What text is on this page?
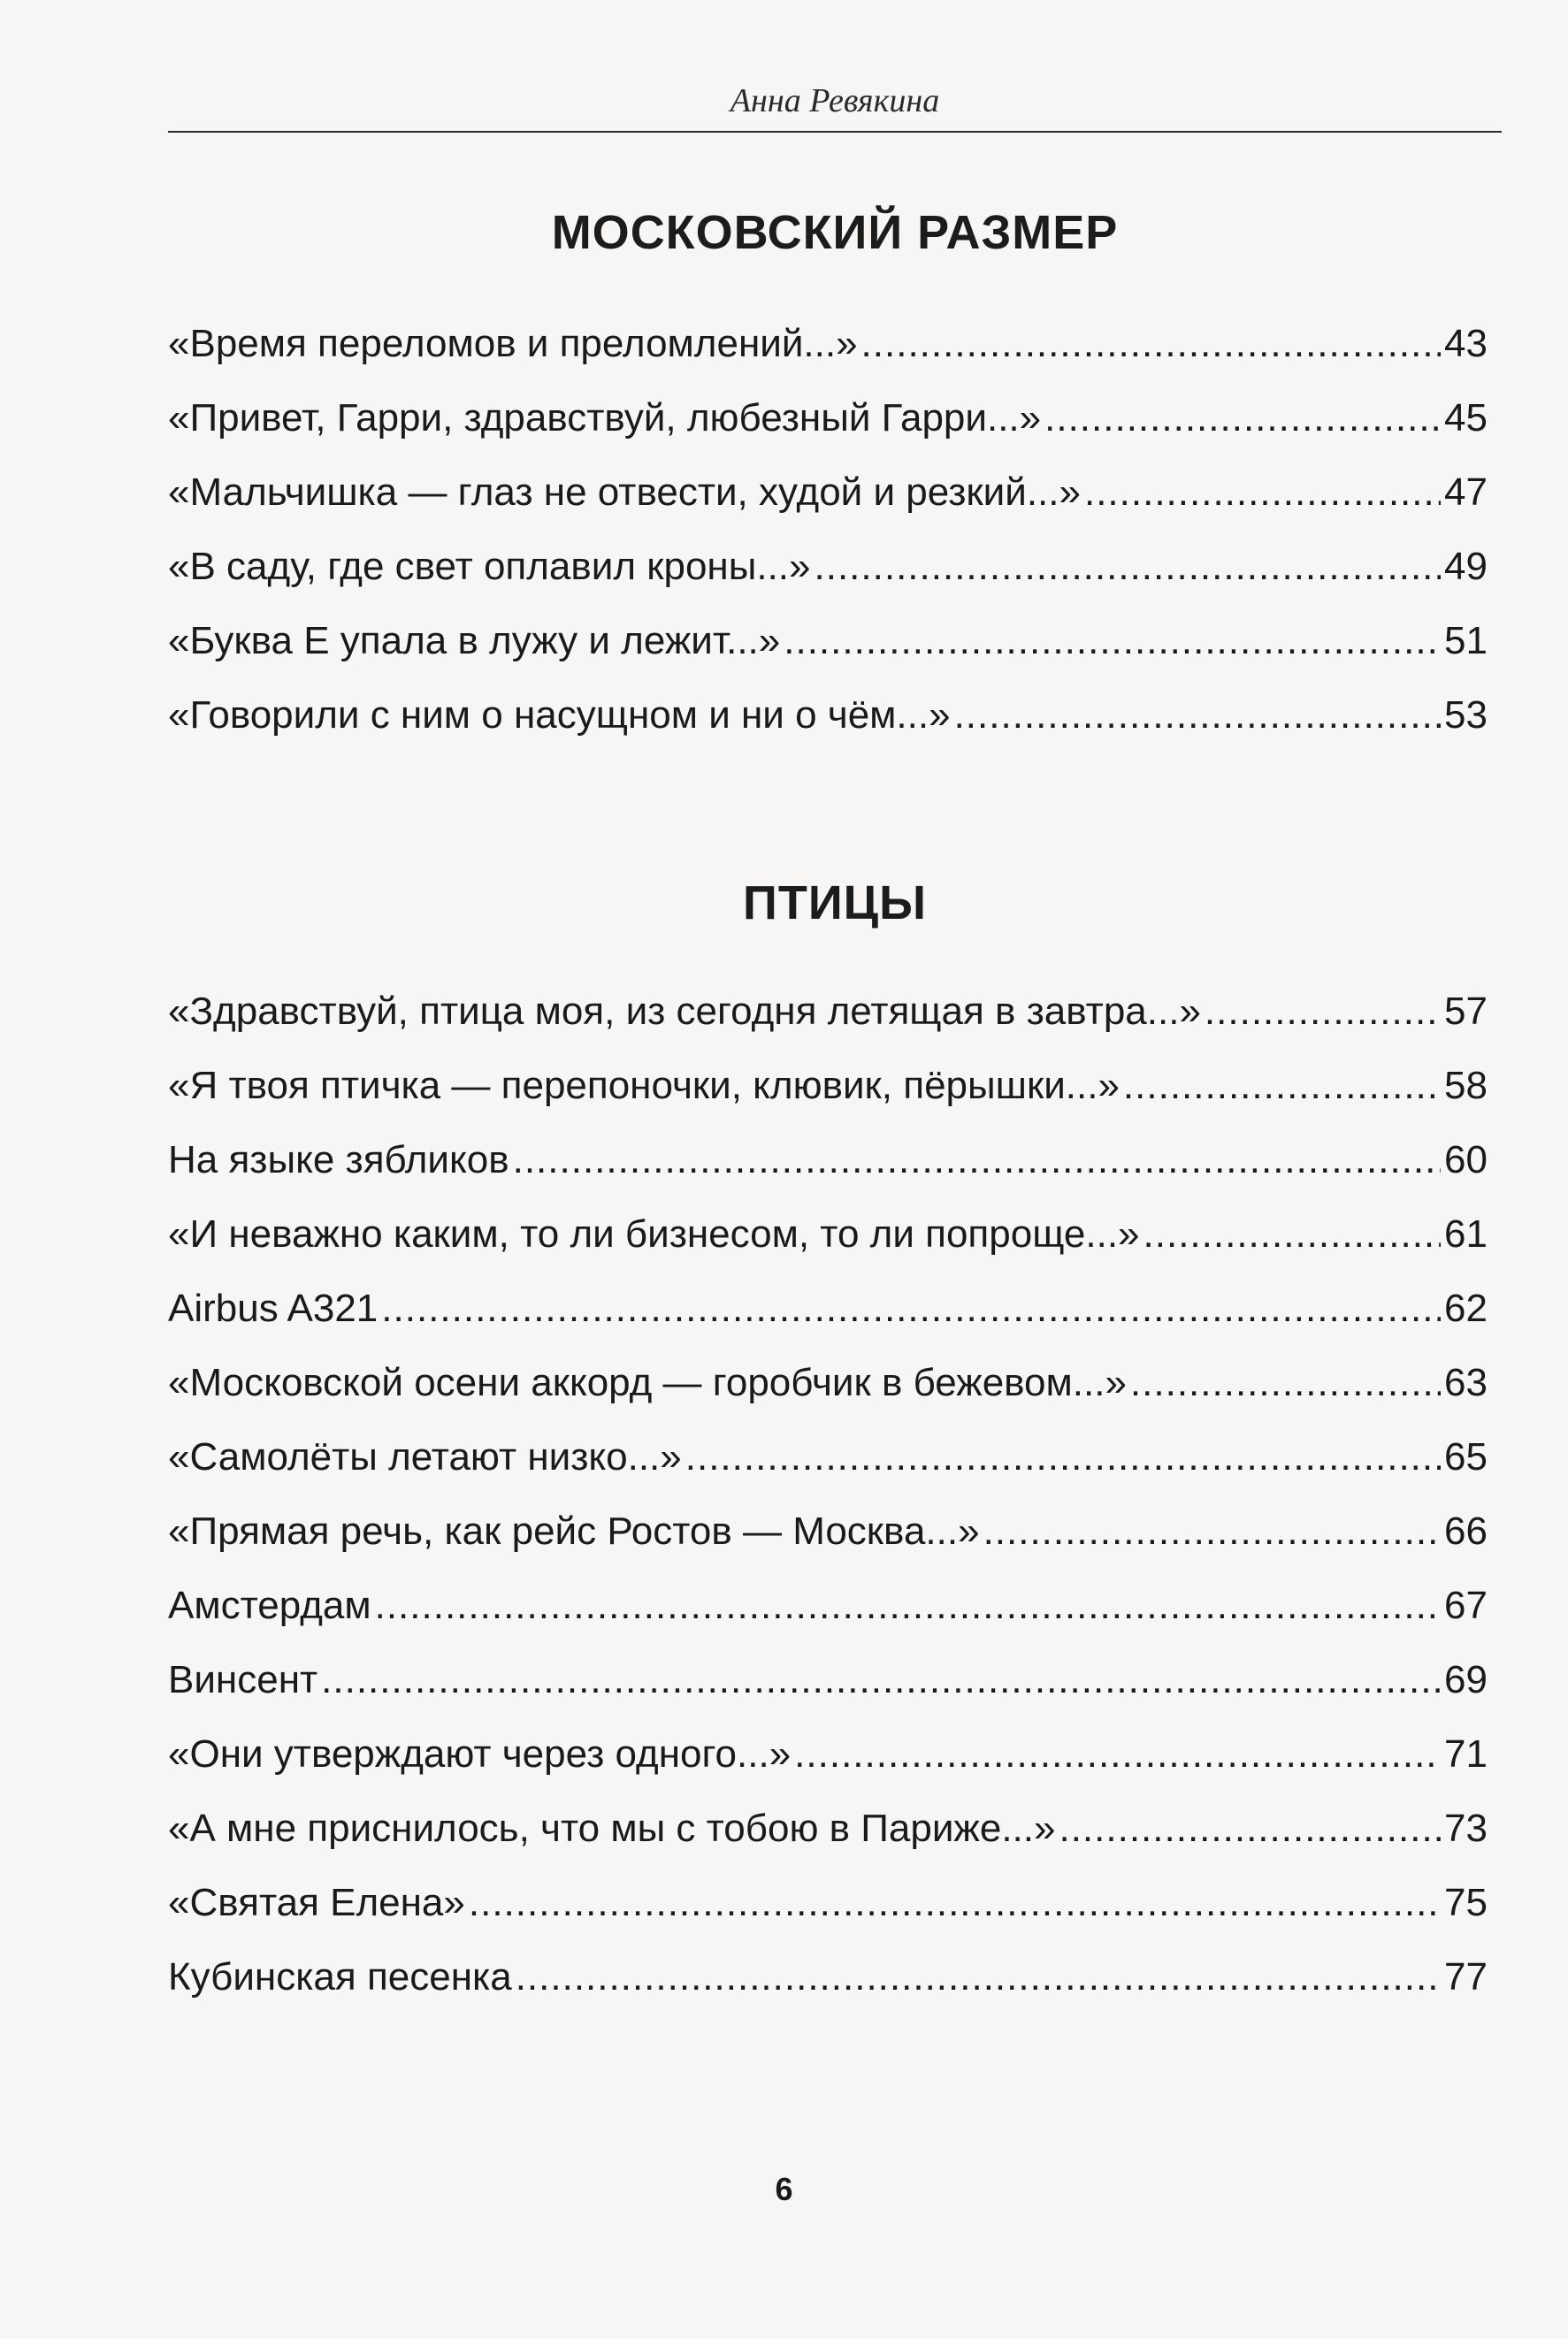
Анна Ревякина
МОСКОВСКИЙ РАЗМЕР
«Время переломов и преломлений...» .....	43
«Привет, Гарри, здравствуй, любезный Гарри...» .....	45
«Мальчишка — глаз не отвести, худой и резкий...» .....	47
«В саду, где свет оплавил кроны...» .....	49
«Буква Е упала в лужу и лежит...» .....	51
«Говорили с ним о насущном и ни о чём...» .....	53
ПТИЦЫ
«Здравствуй, птица моя, из сегодня летящая в завтра...» .....	57
«Я твоя птичка — перепоночки, клювик, пёрышки...» .....	58
На языке зябликов .....	60
«И неважно каким, то ли бизнесом, то ли попроще...» .....	61
Airbus A321 .....	62
«Московской осени аккорд — горобчик в бежевом...» .....	63
«Самолёты летают низко...» .....	65
«Прямая речь, как рейс Ростов — Москва...» .....	66
Амстердам .....	67
Винсент .....	69
«Они утверждают через одного...» .....	71
«А мне приснилось, что мы с тобою в Париже...» .....	73
«Святая Елена» .....	75
Кубинская песенка .....	77
6
